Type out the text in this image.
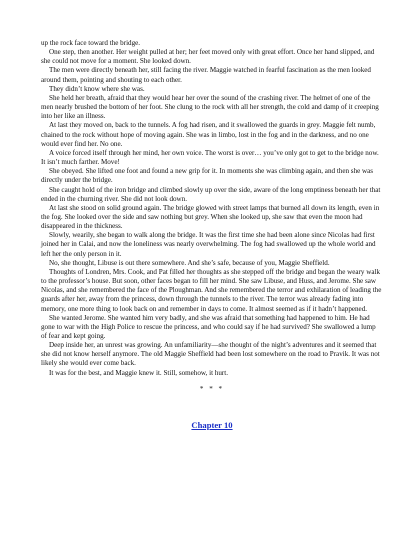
up the rock face toward the bridge.

One step, then another. Her weight pulled at her; her feet moved only with great effort. Once her hand slipped, and she could not move for a moment. She looked down.

The men were directly beneath her, still facing the river. Maggie watched in fearful fascination as the men looked around them, pointing and shouting to each other.

They didn’t know where she was.

She held her breath, afraid that they would hear her over the sound of the crashing river. The helmet of one of the men nearly brushed the bottom of her foot. She clung to the rock with all her strength, the cold and damp of it creeping into her like an illness.

At last they moved on, back to the tunnels. A fog had risen, and it swallowed the guards in grey. Maggie felt numb, chained to the rock without hope of moving again. She was in limbo, lost in the fog and in the darkness, and no one would ever find her. No one.

A voice forced itself through her mind, her own voice. The worst is over… you’ve only got to get to the bridge now. It isn’t much farther. Move!

She obeyed. She lifted one foot and found a new grip for it. In moments she was climbing again, and then she was directly under the bridge.

She caught hold of the iron bridge and climbed slowly up over the side, aware of the long emptiness beneath her that ended in the churning river. She did not look down.

At last she stood on solid ground again. The bridge glowed with street lamps that burned all down its length, even in the fog. She looked over the side and saw nothing but grey. When she looked up, she saw that even the moon had disappeared in the thickness.

Slowly, wearily, she began to walk along the bridge. It was the first time she had been alone since Nicolas had first joined her in Calai, and now the loneliness was nearly overwhelming. The fog had swallowed up the whole world and left her the only person in it.

No, she thought, Libuse is out there somewhere. And she’s safe, because of you, Maggie Sheffield.

Thoughts of Londren, Mrs. Cook, and Pat filled her thoughts as she stepped off the bridge and began the weary walk to the professor’s house. But soon, other faces began to fill her mind. She saw Libuse, and Huss, and Jerome. She saw Nicolas, and she remembered the face of the Ploughman. And she remembered the terror and exhilaration of leading the guards after her, away from the princess, down through the tunnels to the river. The terror was already fading into memory, one more thing to look back on and remember in days to come. It almost seemed as if it hadn’t happened.

She wanted Jerome. She wanted him very badly, and she was afraid that something had happened to him. He had gone to war with the High Police to rescue the princess, and who could say if he had survived? She swallowed a lump of fear and kept going.

Deep inside her, an unrest was growing. An unfamiliarity—she thought of the night’s adventures and it seemed that she did not know herself anymore. The old Maggie Sheffield had been lost somewhere on the road to Pravik. It was not likely she would ever come back.

It was for the best, and Maggie knew it. Still, somehow, it hurt.

* * *
Chapter 10
